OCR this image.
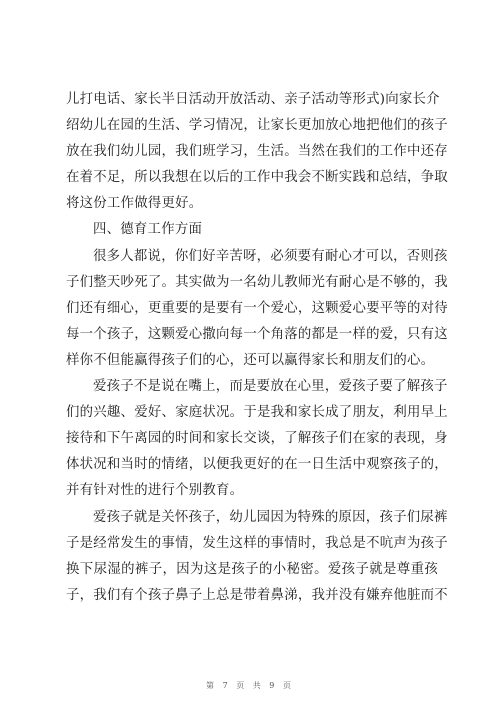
儿打电话、家长半日活动开放活动、亲子活动等形式)向家长介
绍幼儿在园的生活、学习情况，让家长更加放心地把他们的孩子
放在我们幼儿园，我们班学习，生活。当然在我们的工作中还存
在着不足，所以我想在以后的工作中我会不断实践和总结，争取
将这份工作做得更好。
四、德育工作方面
很多人都说，你们好辛苦呀，必须要有耐心才可以，否则孩
子们整天吵死了。其实做为一名幼儿教师光有耐心是不够的，我
们还有细心，更重要的是要有一个爱心，这颗爱心要平等的对待
每一个孩子，这颗爱心撒向每一个角落的都是一样的爱，只有这
样你不但能赢得孩子们的心，还可以赢得家长和朋友们的心。
爱孩子不是说在嘴上，而是要放在心里，爱孩子要了解孩子
们的兴趣、爱好、家庭状况。于是我和家长成了朋友，利用早上
接待和下午离园的时间和家长交谈，了解孩子们在家的表现，身
体状况和当时的情绪，以便我更好的在一日生活中观察孩子的，
并有针对性的进行个别教育。
爱孩子就是关怀孩子，幼儿园因为特殊的原因，孩子们尿裤
子是经常发生的事情，发生这样的事情时，我总是不吭声为孩子
换下尿湿的裤子，因为这是孩子的小秘密。爱孩子就是尊重孩
子，我们有个孩子鼻子上总是带着鼻涕，我并没有嫌弃他脏而不
第 7 页 共 9 页
